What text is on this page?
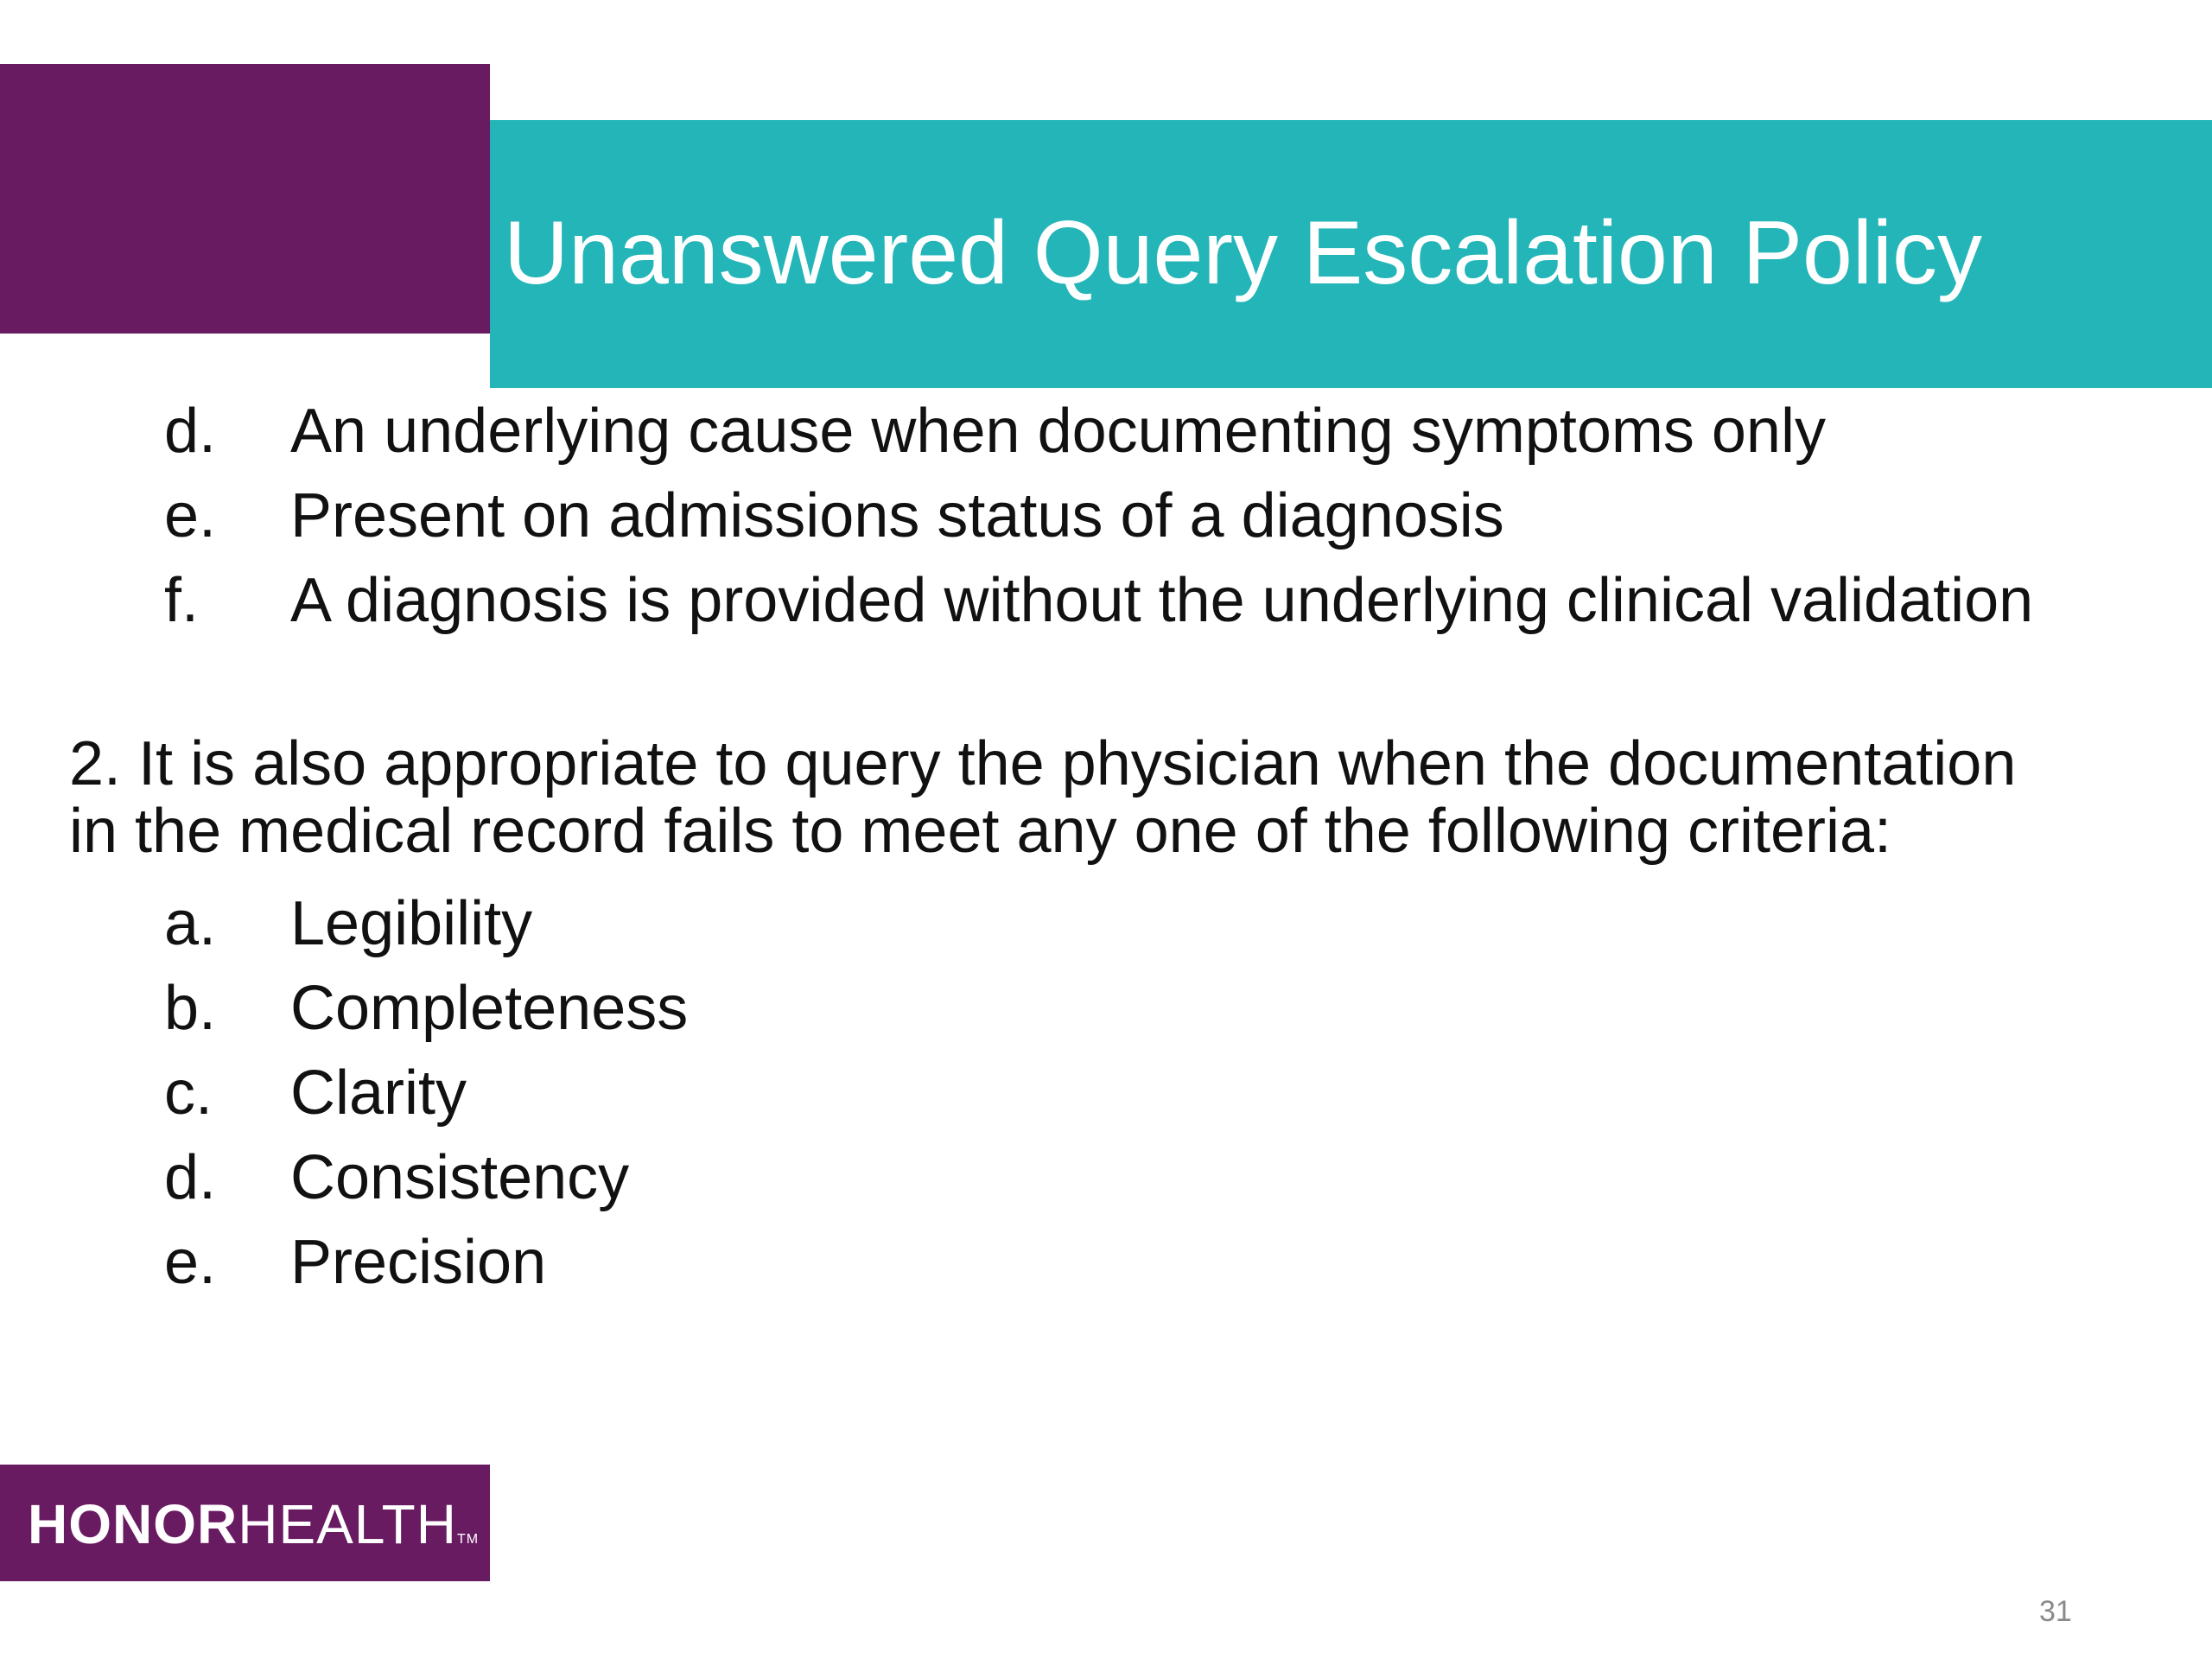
Unanswered Query Escalation Policy
d. An underlying cause when documenting symptoms only
e. Present on admissions status of a diagnosis
f. A diagnosis is provided without the underlying clinical validation

2. It is also appropriate to query the physician when the documentation
in the medical record fails to meet any one of the following criteria:

a. Legibility
b. Completeness
c. Clarity
d. Consistency
e. Precision
HONORHEALTHTM
31
